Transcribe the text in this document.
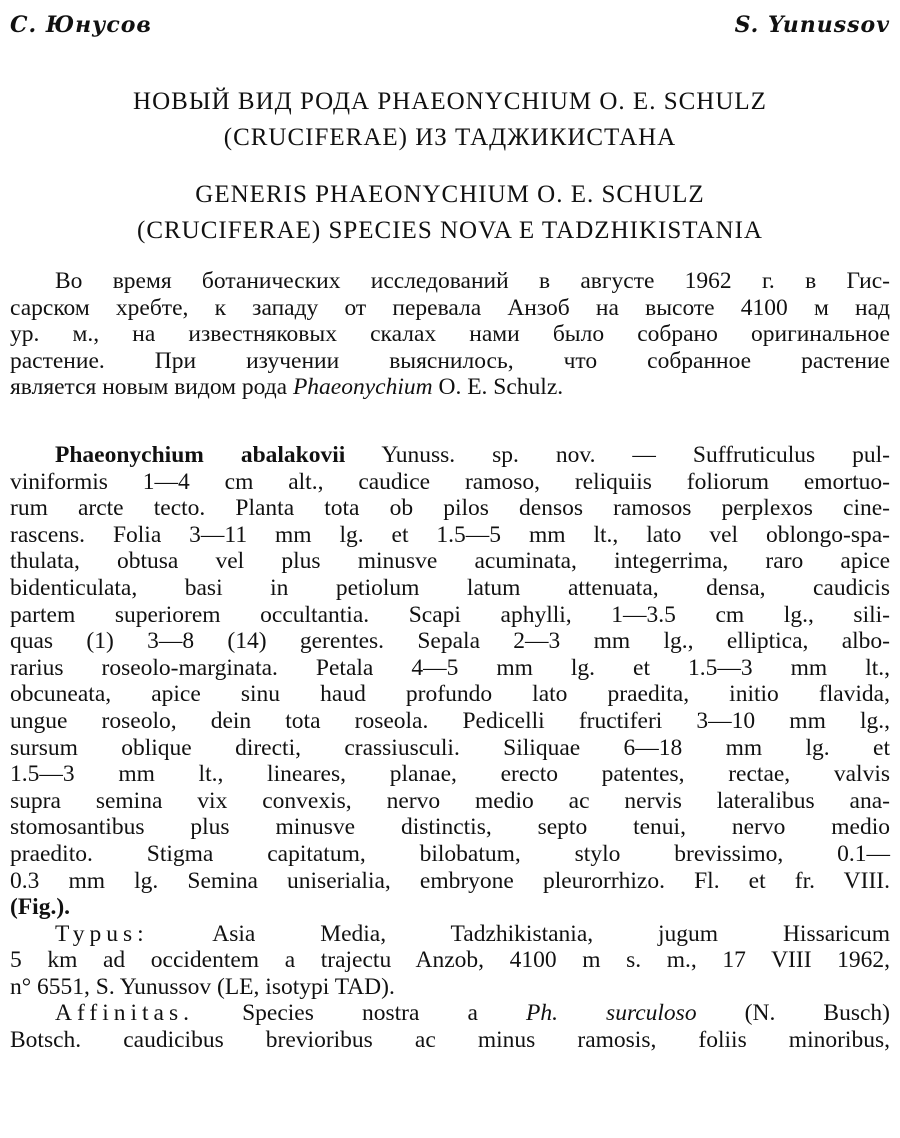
С. Юнусов	S. Yunussov
НОВЫЙ ВИД РОДА PHAEONYCHIUM O. E. SCHULZ
(CRUCIFERAE) ИЗ ТАДЖИКИСТАНА
GENERIS PHAEONYCHIUM O. E. SCHULZ
(CRUCIFERAE) SPECIES NOVA E TADZHIKISTANIA
Во время ботанических исследований в августе 1962 г. в Гис-
сарском хребте, к западу от перевала Анзоб на высоте 4100 м над
ур. м., на известняковых скалах нами было собрано оригинальное
растение. При изучении выяснилось, что собранное растение
является новым видом рода Phaeonychium O. E. Schulz.
Phaeonychium abalakovii Yunuss. sp. nov. — Suffruticulus pul-
viniformis 1—4 cm alt., caudice ramoso, reliquiis foliorum emortuo-
rum arcte tecto. Planta tota ob pilos densos ramosos perplexos cine-
rascens. Folia 3—11 mm lg. et 1.5—5 mm lt., lato vel oblongo-spa-
thulata, obtusa vel plus minusve acuminata, integerrima, raro apice
bidenticulata, basi in petiolum latum attenuata, densa, caudicis
partem superiorem occultantia. Scapi aphylli, 1—3.5 cm lg., sili-
quas (1) 3—8 (14) gerentes. Sepala 2—3 mm lg., elliptica, albo-
rarius roseolo-marginata. Petala 4—5 mm lg. et 1.5—3 mm lt.,
obcuneata, apice sinu haud profundo lato praedita, initio flavida,
ungue roseolo, dein tota roseola. Pedicelli fructiferi 3—10 mm lg.,
sursum oblique directi, crassiusculi. Siliquae 6—18 mm lg. et
1.5—3 mm lt., lineares, planae, erecto patentes, rectae, valvis
supra semina vix convexis, nervo medio ac nervis lateralibus ana-
stomosantibus plus minusve distinctis, septo tenui, nervo medio
praedito. Stigma capitatum, bilobatum, stylo brevissimo, 0.1—
0.3 mm lg. Semina uniserialia, embryone pleurorrhizo. Fl. et fr. VIII.
(Fig.).
Typus: Asia Media, Tadzhikistania, jugum Hissaricum
5 km ad occidentem a trajectu Anzob, 4100 m s. m., 17 VIII 1962,
n° 6551, S. Yunussov (LE, isotypi TAD).
Affinitas. Species nostra a Ph. surculoso (N. Busch)
Botsch. caudicibus brevioribus ac minus ramosis, foliis minoribus,
